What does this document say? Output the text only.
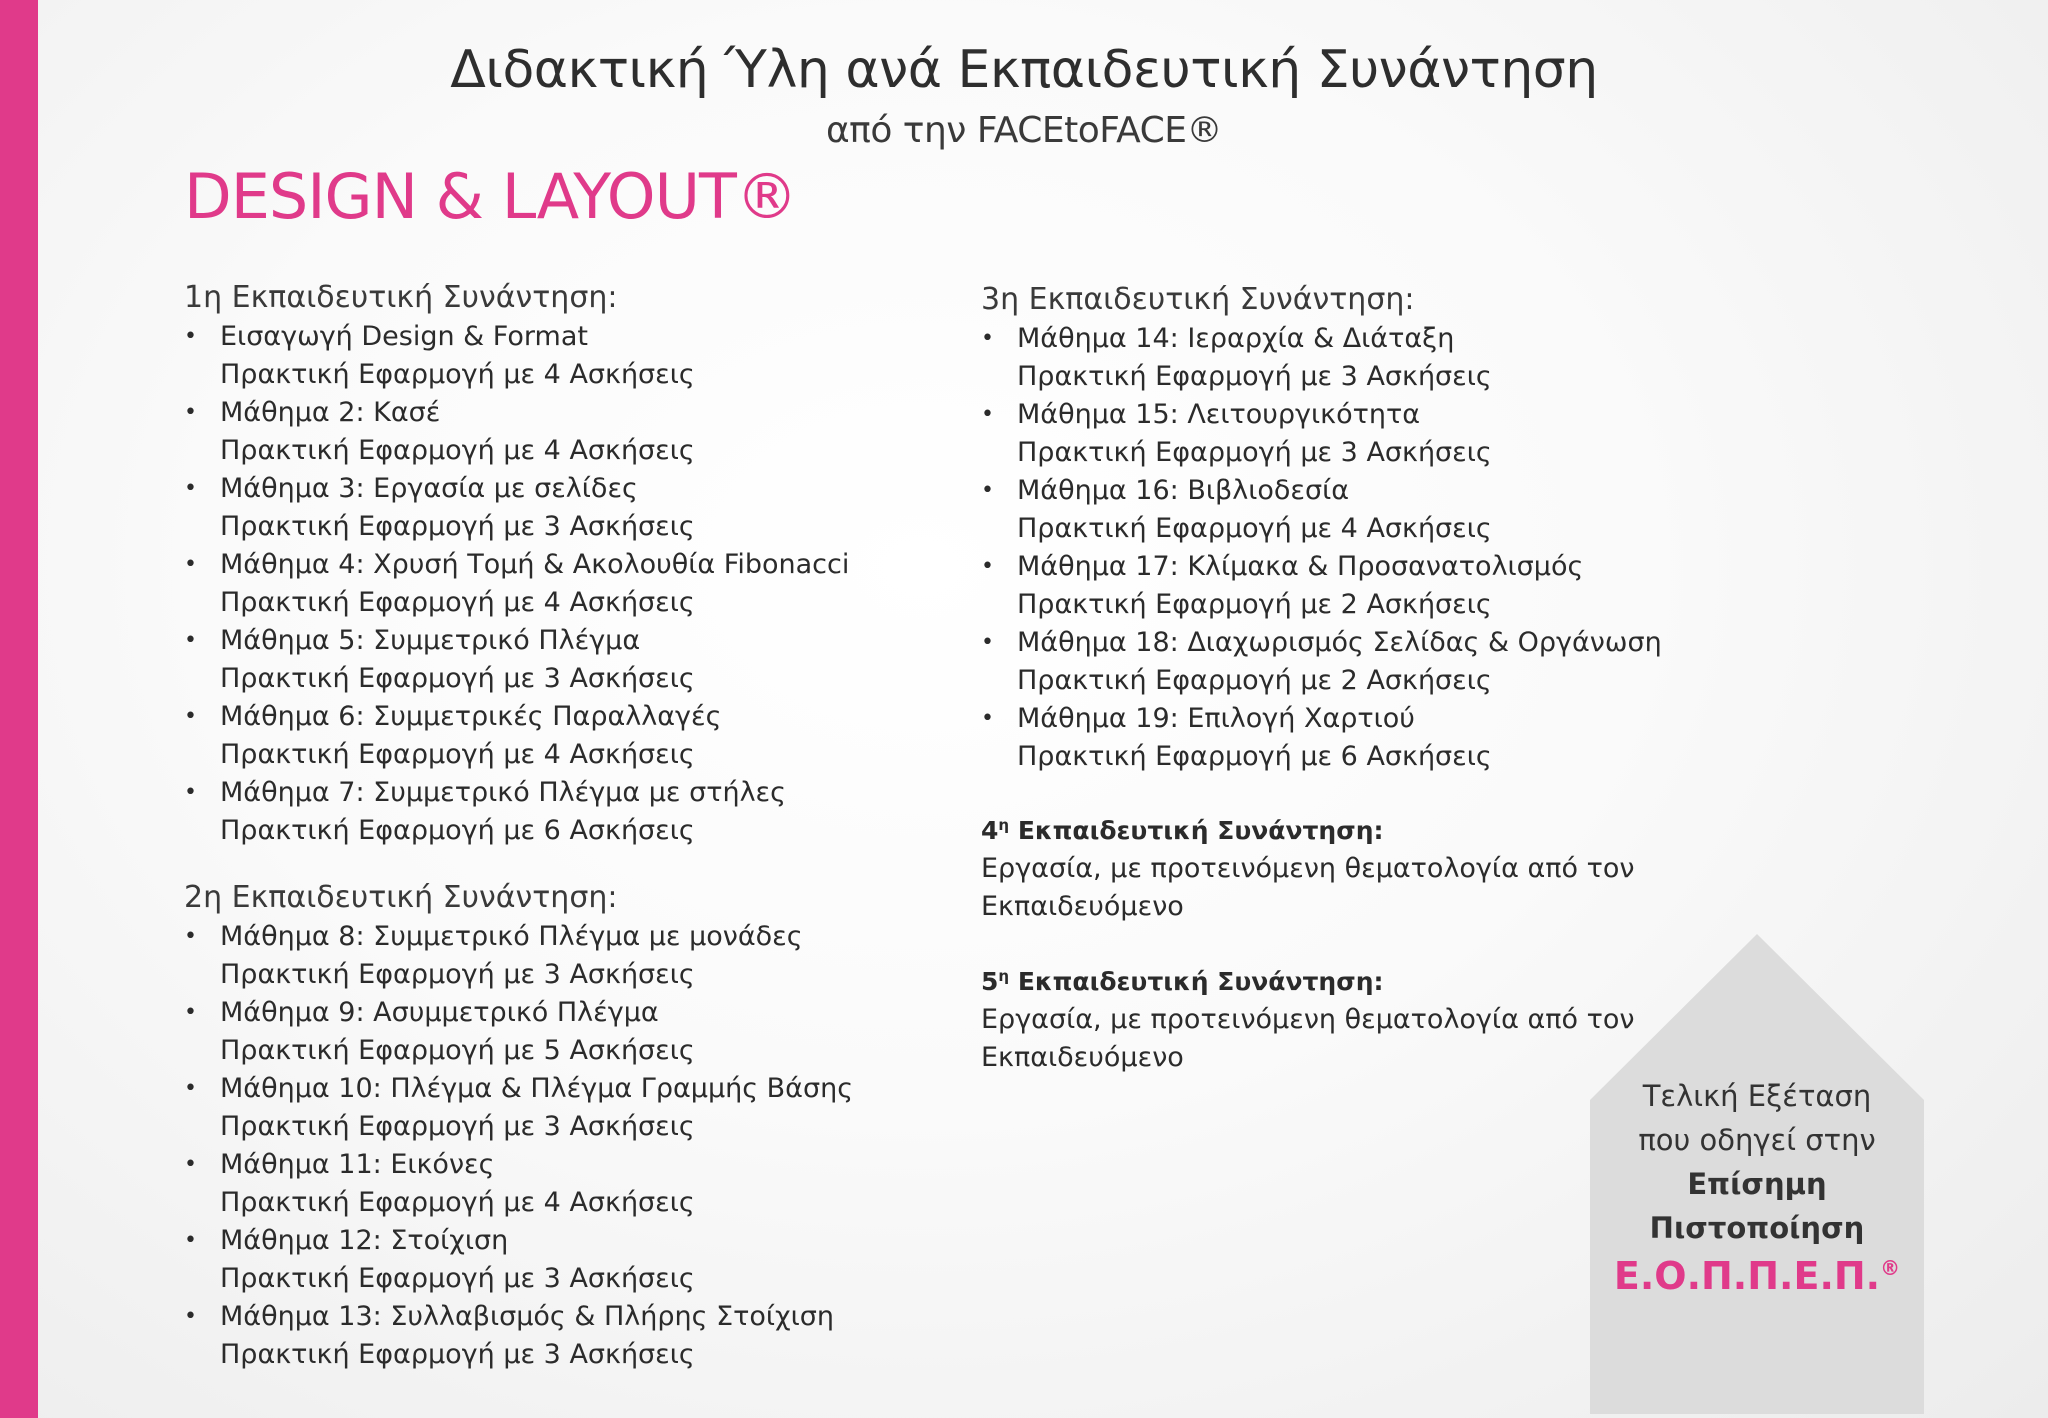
Διδακτική Ύλη ανά Εκπαιδευτική Συνάντηση
από την FACEtoFACE®
DESIGN & LAYOUT®
1η Εκπαιδευτική Συνάντηση:
• Εισαγωγή Design & Format
Πρακτική Εφαρμογή με 4 Ασκήσεις
• Μάθημα 2: Κασέ
Πρακτική Εφαρμογή με 4 Ασκήσεις
• Μάθημα 3: Εργασία με σελίδες
Πρακτική Εφαρμογή με 3 Ασκήσεις
• Μάθημα 4: Χρυσή Τομή & Ακολουθία Fibonacci
Πρακτική Εφαρμογή με 4 Ασκήσεις
• Μάθημα 5: Συμμετρικό Πλέγμα
Πρακτική Εφαρμογή με 3 Ασκήσεις
• Μάθημα 6: Συμμετρικές Παραλλαγές
Πρακτική Εφαρμογή με 4 Ασκήσεις
• Μάθημα 7: Συμμετρικό Πλέγμα με στήλες
Πρακτική Εφαρμογή με 6 Ασκήσεις
2η Εκπαιδευτική Συνάντηση:
• Μάθημα 8: Συμμετρικό Πλέγμα με μονάδες
Πρακτική Εφαρμογή με 3 Ασκήσεις
• Μάθημα 9: Ασυμμετρικό Πλέγμα
Πρακτική Εφαρμογή με 5 Ασκήσεις
• Μάθημα 10: Πλέγμα & Πλέγμα Γραμμής Βάσης
Πρακτική Εφαρμογή με 3 Ασκήσεις
• Μάθημα 11: Εικόνες
Πρακτική Εφαρμογή με 4 Ασκήσεις
• Μάθημα 12: Στοίχιση
Πρακτική Εφαρμογή με 3 Ασκήσεις
• Μάθημα 13: Συλλαβισμός & Πλήρης Στοίχιση
Πρακτική Εφαρμογή με 3 Ασκήσεις
3η Εκπαιδευτική Συνάντηση:
• Μάθημα 14: Ιεραρχία & Διάταξη
Πρακτική Εφαρμογή με 3 Ασκήσεις
• Μάθημα 15: Λειτουργικότητα
Πρακτική Εφαρμογή με 3 Ασκήσεις
• Μάθημα 16: Βιβλιοδεσία
Πρακτική Εφαρμογή με 4 Ασκήσεις
• Μάθημα 17: Κλίμακα & Προσανατολισμός
Πρακτική Εφαρμογή με 2 Ασκήσεις
• Μάθημα 18: Διαχωρισμός Σελίδας & Οργάνωση
Πρακτική Εφαρμογή με 2 Ασκήσεις
• Μάθημα 19: Επιλογή Χαρτιού
Πρακτική Εφαρμογή με 6 Ασκήσεις
$4^\eta$ Εκπαιδευτική Συνάντηση:
Εργασία, με προτεινόμενη θεματολογία από τον
Εκπαιδευόμενο
$5^\eta$ Εκπαιδευτική Συνάντηση:
Εργασία, με προτεινόμενη θεματολογία από τον
Εκπαιδευόμενο
Τελική Εξέταση
που οδηγεί στην
Επίσημη
Πιστοποίηση
Ε.Ο.Π.Π.Ε.Π.®
